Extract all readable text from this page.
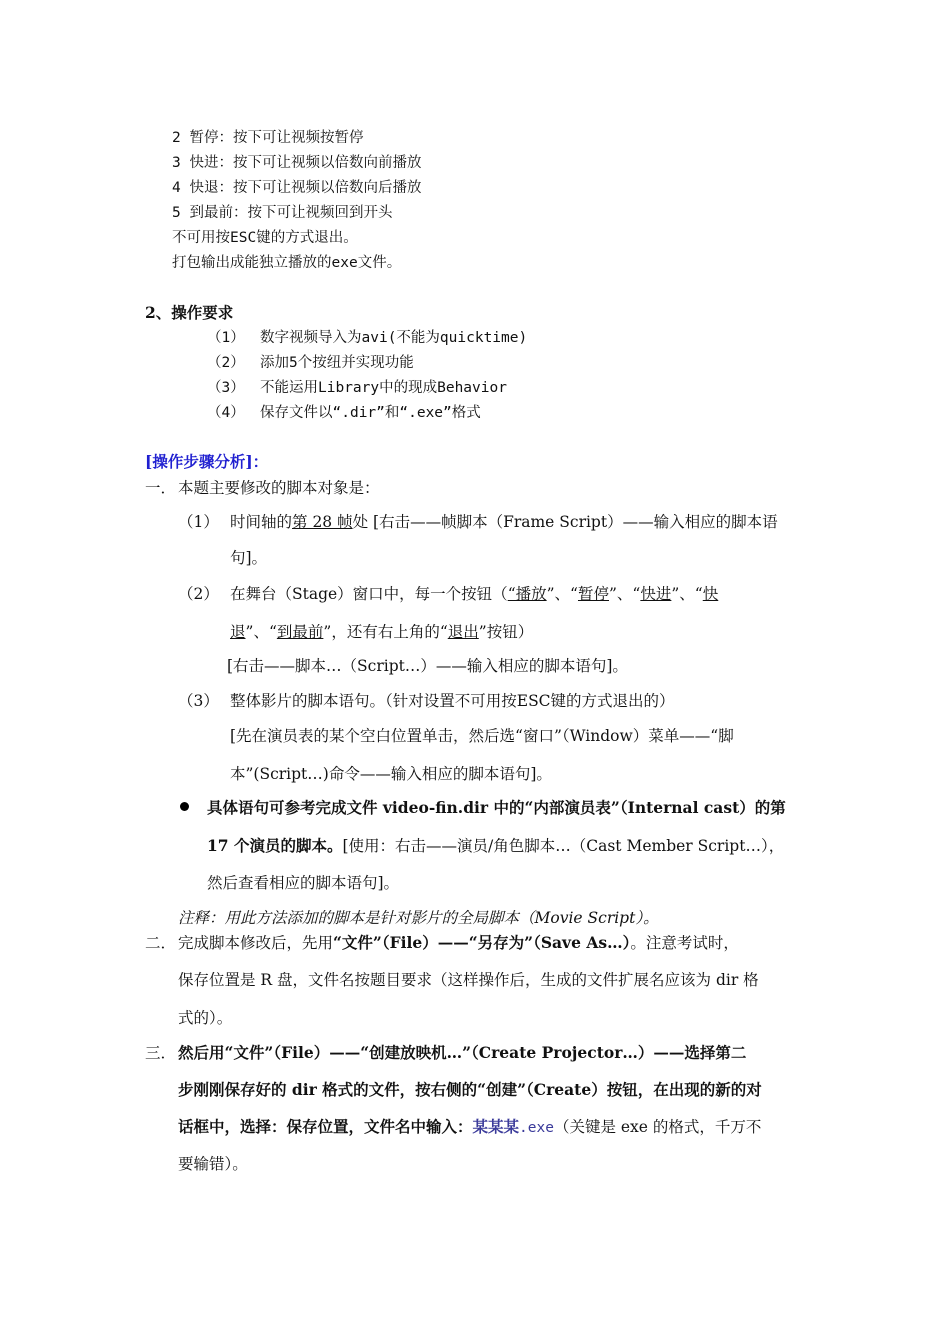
2 暂停：按下可让视频按暂停
3 快进：按下可让视频以倍数向前播放
4 快退：按下可让视频以倍数向后播放
5 到最前：按下可让视频回到开头
不可用按ESC键的方式退出。
打包输出成能独立播放的exe文件。
2、操作要求
（1） 数字视频导入为avi(不能为quicktime)
（2） 添加5个按纽并实现功能
（3） 不能运用Library中的现成Behavior
（4） 保存文件以“.dir”和“.exe”格式
[操作步骤分析]：
一． 本题主要修改的脚本对象是：
（1） 时间轴的第 28 帧处 [右击——帧脚本（Frame Script）——输入相应的脚本语
句]。
（2） 在舞台（Stage）窗口中，每一个按钮（“播放”、“暂停”、“快进”、“快
退”、“到最前”，还有右上角的“退出”按钮）
[右击——脚本…（Script…）——输入相应的脚本语句]。
（3） 整体影片的脚本语句。（针对设置不可用按ESC键的方式退出的）
[先在演员表的某个空白位置单击，然后选“窗口”（Window）菜单——“脚
本”(Script…)命令——输入相应的脚本语句]。
具体语句可参考完成文件 video-fin.dir 中的“内部演员表”（Internal cast）的第
17 个演员的脚本。[使用：右击——演员/角色脚本…（Cast Member Script…），
然后查看相应的脚本语句]。
注释：用此方法添加的脚本是针对影片的全局脚本（Movie Script）。
二． 完成脚本修改后，先用“文件”（File）——“另存为”（Save As…）。注意考试时，
保存位置是 R 盘，文件名按题目要求（这样操作后，生成的文件扩展名应该为 dir 格
式的）。
三． 然后用“文件”（File）——“创建放映机…”（Create Projector…）——选择第二
步刚刚保存好的 dir 格式的文件，按右侧的“创建”（Create）按钮，在出现的新的对
话框中，选择：保存位置，文件名中输入：某某某.exe（关键是 exe 的格式，千万不
要输错）。
